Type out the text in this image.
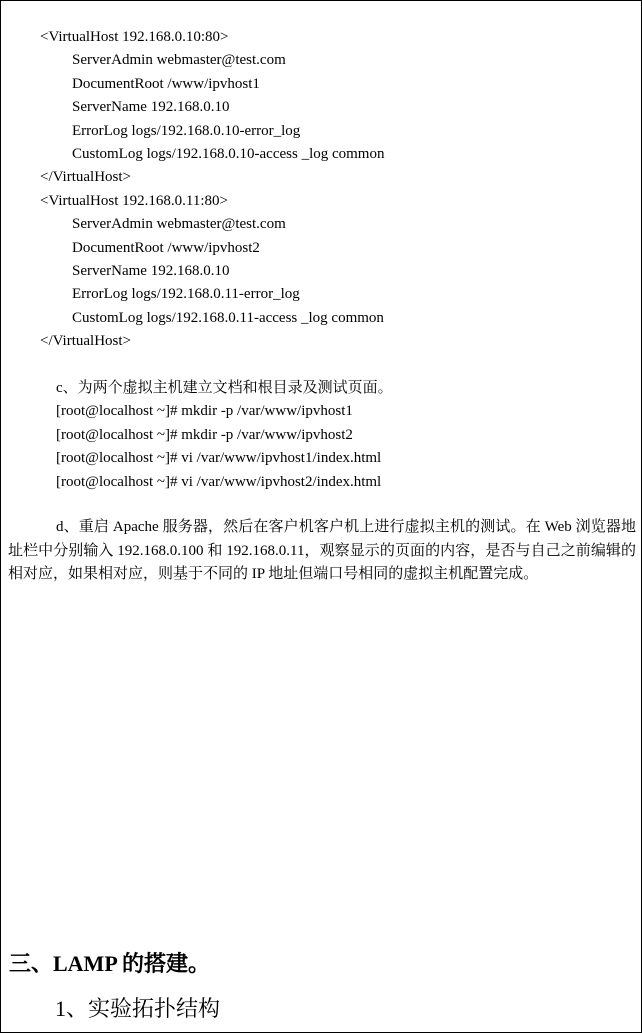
<VirtualHost 192.168.0.10:80>
ServerAdmin webmaster@test.com
DocumentRoot /www/ipvhost1
ServerName 192.168.0.10
ErrorLog logs/192.168.0.10-error_log
CustomLog logs/192.168.0.10-access _log common
</VirtualHost>
<VirtualHost 192.168.0.11:80>
ServerAdmin webmaster@test.com
DocumentRoot /www/ipvhost2
ServerName 192.168.0.10
ErrorLog logs/192.168.0.11-error_log
CustomLog logs/192.168.0.11-access _log common
</VirtualHost>
c、为两个虚拟主机建立文档和根目录及测试页面。
[root@localhost ~]# mkdir -p /var/www/ipvhost1
[root@localhost ~]# mkdir -p /var/www/ipvhost2
[root@localhost ~]# vi /var/www/ipvhost1/index.html
[root@localhost ~]# vi /var/www/ipvhost2/index.html
d、重启 Apache 服务器，然后在客户机客户机上进行虚拟主机的测试。在 Web 浏览器地址栏中分别输入 192.168.0.100 和 192.168.0.11，观察显示的页面的内容，是否与自己之前编辑的相对应，如果相对应，则基于不同的 IP 地址但端口号相同的虚拟主机配置完成。
三、LAMP 的搭建。
1、实验拓扑结构
